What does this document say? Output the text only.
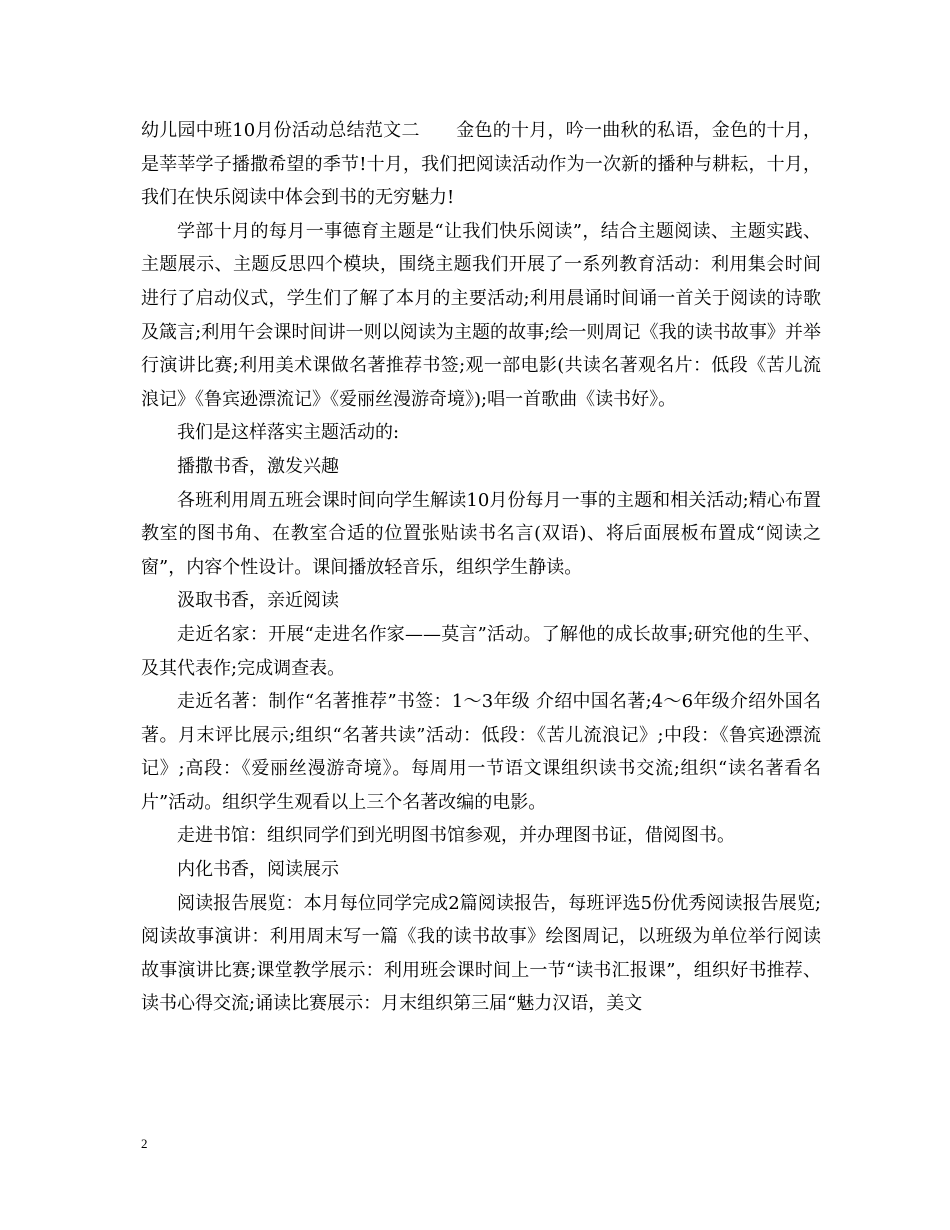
幼儿园中班10月份活动总结范文二　　金色的十月，吟一曲秋的私语，金色的十月，是莘莘学子播撒希望的季节!十月，我们把阅读活动作为一次新的播种与耕耘，十月，我们在快乐阅读中体会到书的无穷魅力!

学部十月的每月一事德育主题是“让我们快乐阅读”，结合主题阅读、主题实践、主题展示、主题反思四个模块，围绕主题我们开展了一系列教育活动：利用集会时间进行了启动仪式，学生们了解了本月的主要活动;利用晨诵时间诵一首关于阅读的诗歌及箴言;利用午会课时间讲一则以阅读为主题的故事;绘一则周记《我的读书故事》并举行演讲比赛;利用美术课做名著推荐书签;观一部电影(共读名著观名片：低段《苦儿流浪记》《鲁宾逊漂流记》《爱丽丝漫游奇境》);唱一首歌曲《读书好》。

我们是这样落实主题活动的:

播撒书香，激发兴趣

各班利用周五班会课时间向学生解读10月份每月一事的主题和相关活动;精心布置教室的图书角、在教室合适的位置张贴读书名言(双语)、将后面展板布置成“阅读之窗”，内容个性设计。课间播放轻音乐，组织学生静读。

汲取书香，亲近阅读

走近名家：开展“走进名作家——莫言”活动。了解他的成长故事;研究他的生平、及其代表作;完成调查表。

走近名著：制作“名著推荐”书签：1～3年级 介绍中国名著;4～6年级介绍外国名著。月末评比展示;组织“名著共读”活动：低段：《苦儿流浪记》;中段：《鲁宾逊漂流记》;高段：《爱丽丝漫游奇境》。每周用一节语文课组织读书交流;组织“读名著看名片”活动。组织学生观看以上三个名著改编的电影。

走进书馆：组织同学们到光明图书馆参观，并办理图书证，借阅图书。

内化书香，阅读展示

阅读报告展览：本月每位同学完成2篇阅读报告，每班评选5份优秀阅读报告展览;阅读故事演讲：利用周末写一篇《我的读书故事》绘图周记，以班级为单位举行阅读故事演讲比赛;课堂教学展示：利用班会课时间上一节“读书汇报课”，组织好书推荐、读书心得交流;诵读比赛展示：月末组织第三届“魅力汉语，美文

2
